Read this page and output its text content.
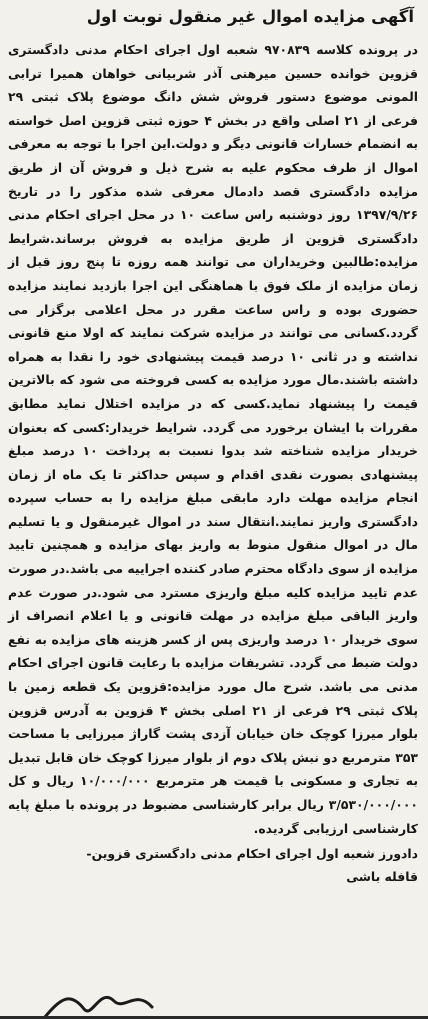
آگهی مزایده اموال غیر منقول نوبت اول

در پرونده کلاسه ۹۷۰۸۳۹ شعبه اول اجرای احکام مدنی دادگستری قزوین خوانده حسین میرهنی آذر شربیانی خواهان همیرا ترابی المونی موضوع دستور فروش شش دانگ موضوع پلاک ثبتی ۲۹ فرعی از ۲۱ اصلی واقع در بخش ۴ حوزه ثبتی قزوین اصل خواسته به انضمام خسارات قانونی دیگر و دولت.این اجرا با توجه به معرفی اموال از طرف محکوم علیه به شرح ذیل و فروش آن از طریق مزایده دادگستری قصد دادمال معرفی شده مذکور را در تاریخ ۱۳۹۷/۹/۲۶ روز دوشنبه راس ساعت ۱۰ در محل اجرای احکام مدنی دادگستری قزوین از طریق مزایده به فروش برساند.شرایط مزایده:طالبین وخریداران می توانند همه روزه تا پنج روز قبل از زمان مزایده از ملک فوق با هماهنگی این اجرا بازدید نمایند مزایده حضوری بوده و راس ساعت مقرر در محل اعلامی برگزار می گردد.کسانی می توانند در مزایده شرکت نمایند که اولا منع قانونی نداشته و در ثانی ۱۰ درصد قیمت پیشنهادی خود را نقدا به همراه داشته باشند.مال مورد مزایده به کسی فروخته می شود که بالاترین قیمت را پیشنهاد نماید.کسی که در مزایده اختلال نماید مطابق مقررات با ایشان برخورد می گردد. شرایط خریدار:کسی که بعنوان خریدار مزایده شناخته شد بدوا نسبت به پرداخت ۱۰ درصد مبلغ پیشنهادی بصورت نقدی اقدام و سپس حداکثر تا یک ماه از زمان انجام مزایده مهلت دارد مابقی مبلغ مزایده را به حساب سپرده دادگستری واریز نمایند.انتقال سند در اموال غیرمنقول و یا تسلیم مال در اموال منقول منوط به واریز بهای مزایده و همچنین تایید مزایده از سوی دادگاه محترم صادر کننده اجراییه می باشد.در صورت عدم تایید مزایده کلیه مبلغ واریزی مسترد می شود.در صورت عدم واریز الباقی مبلغ مزایده در مهلت قانونی و یا اعلام انصراف از سوی خریدار ۱۰ درصد واریزی پس از کسر هزینه های مزایده به نفع دولت ضبط می گردد. تشریفات مزایده با رعایت قانون اجرای احکام مدنی می باشد. شرح مال مورد مزایده:قزوین یک قطعه زمین با پلاک ثبتی ۲۹ فرعی از ۲۱ اصلی بخش ۴ قزوین به آدرس قزوین بلوار میرزا کوچک خان خیابان آزدی پشت گاراژ میرزایی با مساحت ۳۵۳ مترمربع دو نبش پلاک دوم از بلوار میرزا کوچک خان قابل تبدیل به تجاری و مسکونی با قیمت هر مترمربع ۱۰/۰۰۰/۰۰۰ ریال و کل ۳/۵۳۰/۰۰۰/۰۰۰ ریال برابر کارشناسی مضبوط در پرونده با مبلغ پایه کارشناسی ارزیابی گردیده.

دادورز شعبه اول اجرای احکام مدنی دادگستری قزوین- قافله باشی
